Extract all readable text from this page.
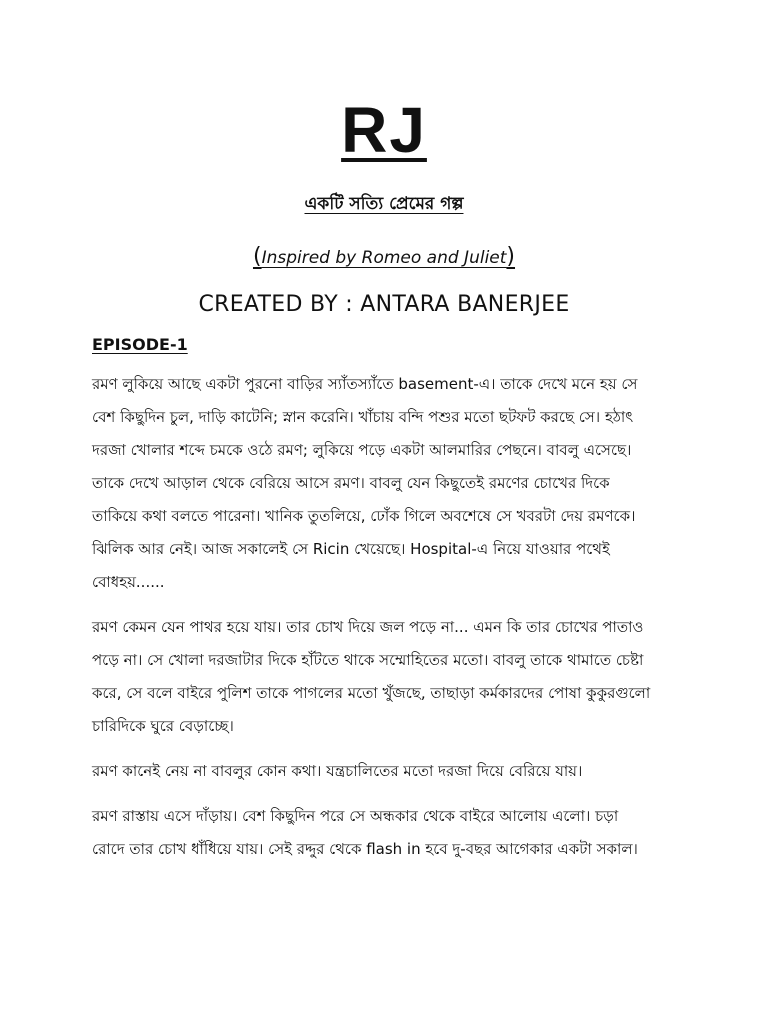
RJ
একটি সত্যি প্রেমের গল্প
(Inspired by Romeo and Juliet)
CREATED BY : ANTARA BANERJEE
EPISODE-1
রমণ লুকিয়ে আছে একটা পুরনো বাড়ির স্যাঁতস্যাঁতে basement-এ। তাকে দেখে মনে হয় সে
বেশ কিছুদিন চুল, দাড়ি কাটেনি; স্নান করেনি। খাঁচায় বন্দি পশুর মতো ছটফট করছে সে। হঠাৎ
দরজা খোলার শব্দে চমকে ওঠে রমণ; লুকিয়ে পড়ে একটা আলমারির পেছনে। বাবলু এসেছে।
তাকে দেখে আড়াল থেকে বেরিয়ে আসে রমণ। বাবলু যেন কিছুতেই রমণের চোখের দিকে
তাকিয়ে কথা বলতে পারেনা। খানিক তুতলিয়ে, ঢোঁক গিলে অবশেষে সে খবরটা দেয় রমণকে।
ঝিলিক আর নেই। আজ সকালেই সে Ricin খেয়েছে। Hospital-এ নিয়ে যাওয়ার পথেই
বোধহয়......
রমণ কেমন যেন পাথর হয়ে যায়। তার চোখ দিয়ে জল পড়ে না... এমন কি তার চোখের পাতাও
পড়ে না। সে খোলা দরজাটার দিকে হাঁটতে থাকে সম্মোহিতের মতো। বাবলু তাকে থামাতে চেষ্টা
করে, সে বলে বাইরে পুলিশ তাকে পাগলের মতো খুঁজছে, তাছাড়া কর্মকারদের পোষা কুকুরগুলো
চারিদিকে ঘুরে বেড়াচ্ছে।
রমণ কানেই নেয় না বাবলুর কোন কথা। যন্ত্রচালিতের মতো দরজা দিয়ে বেরিয়ে যায়।
রমণ রাস্তায় এসে দাঁড়ায়। বেশ কিছুদিন পরে সে অন্ধকার থেকে বাইরে আলোয় এলো। চড়া
রোদে তার চোখ ধাঁধিয়ে যায়। সেই রদ্দুর থেকে flash in হবে দু-বছর আগেকার একটা সকাল।
